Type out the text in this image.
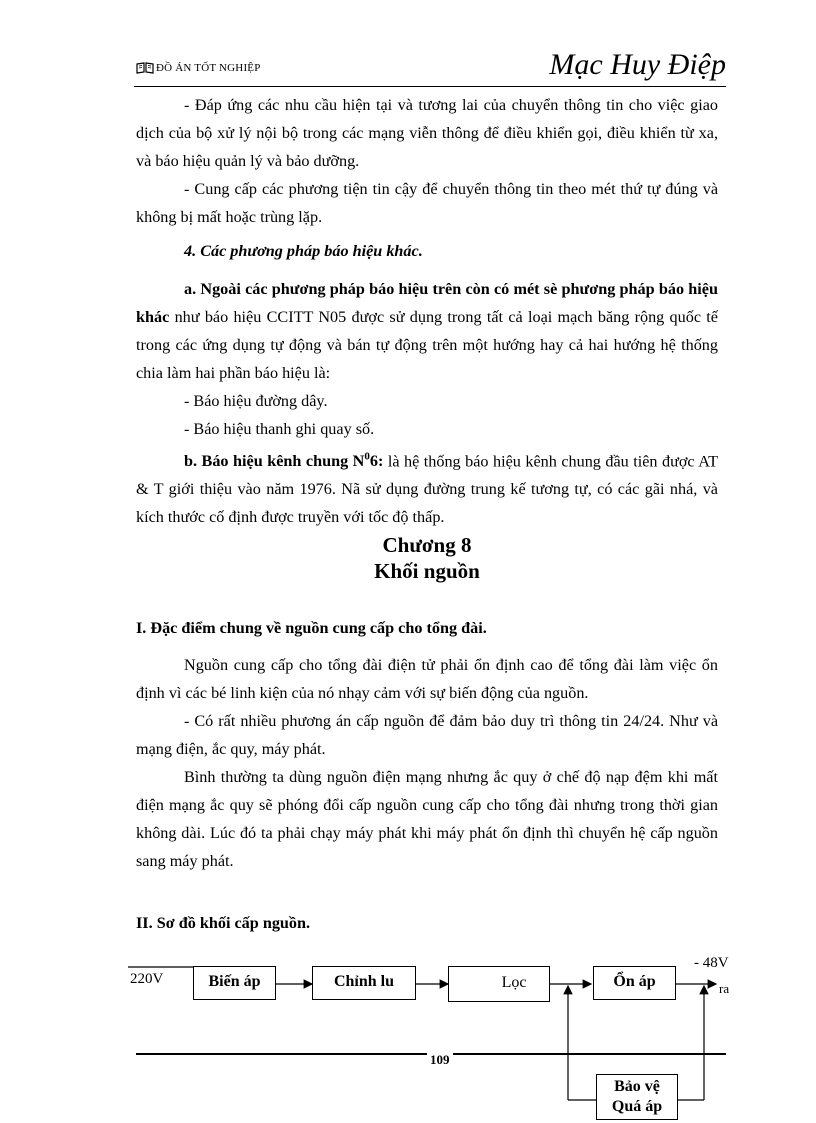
ĐỒ ÁN TỐT NGHIỆP	Mạc Huy Điệp

- Đáp ứng các nhu cầu hiện tại và tương lai của chuyển thông tin cho việc giao dịch của bộ xử lý nội bộ trong các mạng viễn thông để điều khiển gọi, điều khiển từ xa, và báo hiệu quản lý và bảo dưỡng.

- Cung cấp các phương tiện tin cậy để chuyển thông tin theo mét thứ tự đúng và không bị mất hoặc trùng lặp.

4. Các phương pháp báo hiệu khác.

a. Ngoài các phương pháp báo hiệu trên còn có mét sè phương pháp báo hiệu khác như báo hiệu CCITT N05 được sử dụng trong tất cả loại mạch băng rộng quốc tế trong các ứng dụng tự động và bán tự động trên một hướng hay cả hai hướng hệ thống chia làm hai phần báo hiệu là:

- Báo hiệu đường dây.

- Báo hiệu thanh ghi quay số.

b. Báo hiệu kênh chung $N^06$: là hệ thống báo hiệu kênh chung đầu tiên được AT & T giới thiệu vào năm 1976. Nã sử dụng đường trung kế tương tự, có các gãi nhá, và kích thước cố định được truyền với tốc độ thấp.

Chương 8
Khối nguồn
I. Đặc điểm chung về nguồn cung cấp cho tổng đài.

Nguồn cung cấp cho tổng đài điện tử phải ổn định cao để tổng đài làm việc ổn định vì các bé linh kiện của nó nhạy cảm với sự biến động của nguồn.

- Có rất nhiều phương án cấp nguồn để đảm bảo duy trì thông tin 24/24. Như và mạng điện, ắc quy, máy phát.

Bình thường ta dùng nguồn điện mạng nhưng ắc quy ở chế độ nạp đệm khi mất điện mạng ắc quy sẽ phóng đổi cấp nguồn cung cấp cho tổng đài nhưng trong thời gian không dài. Lúc đó ta phải chạy máy phát khi máy phát ổn định thì chuyển hệ cấp nguồn sang máy phát.

II. Sơ đồ khối cấp nguồn.
220V	Biến áp	Chỉnh lu	Lọc	Ổn áp
Bảo vệ
Quá áp
- 48V
ra
109
